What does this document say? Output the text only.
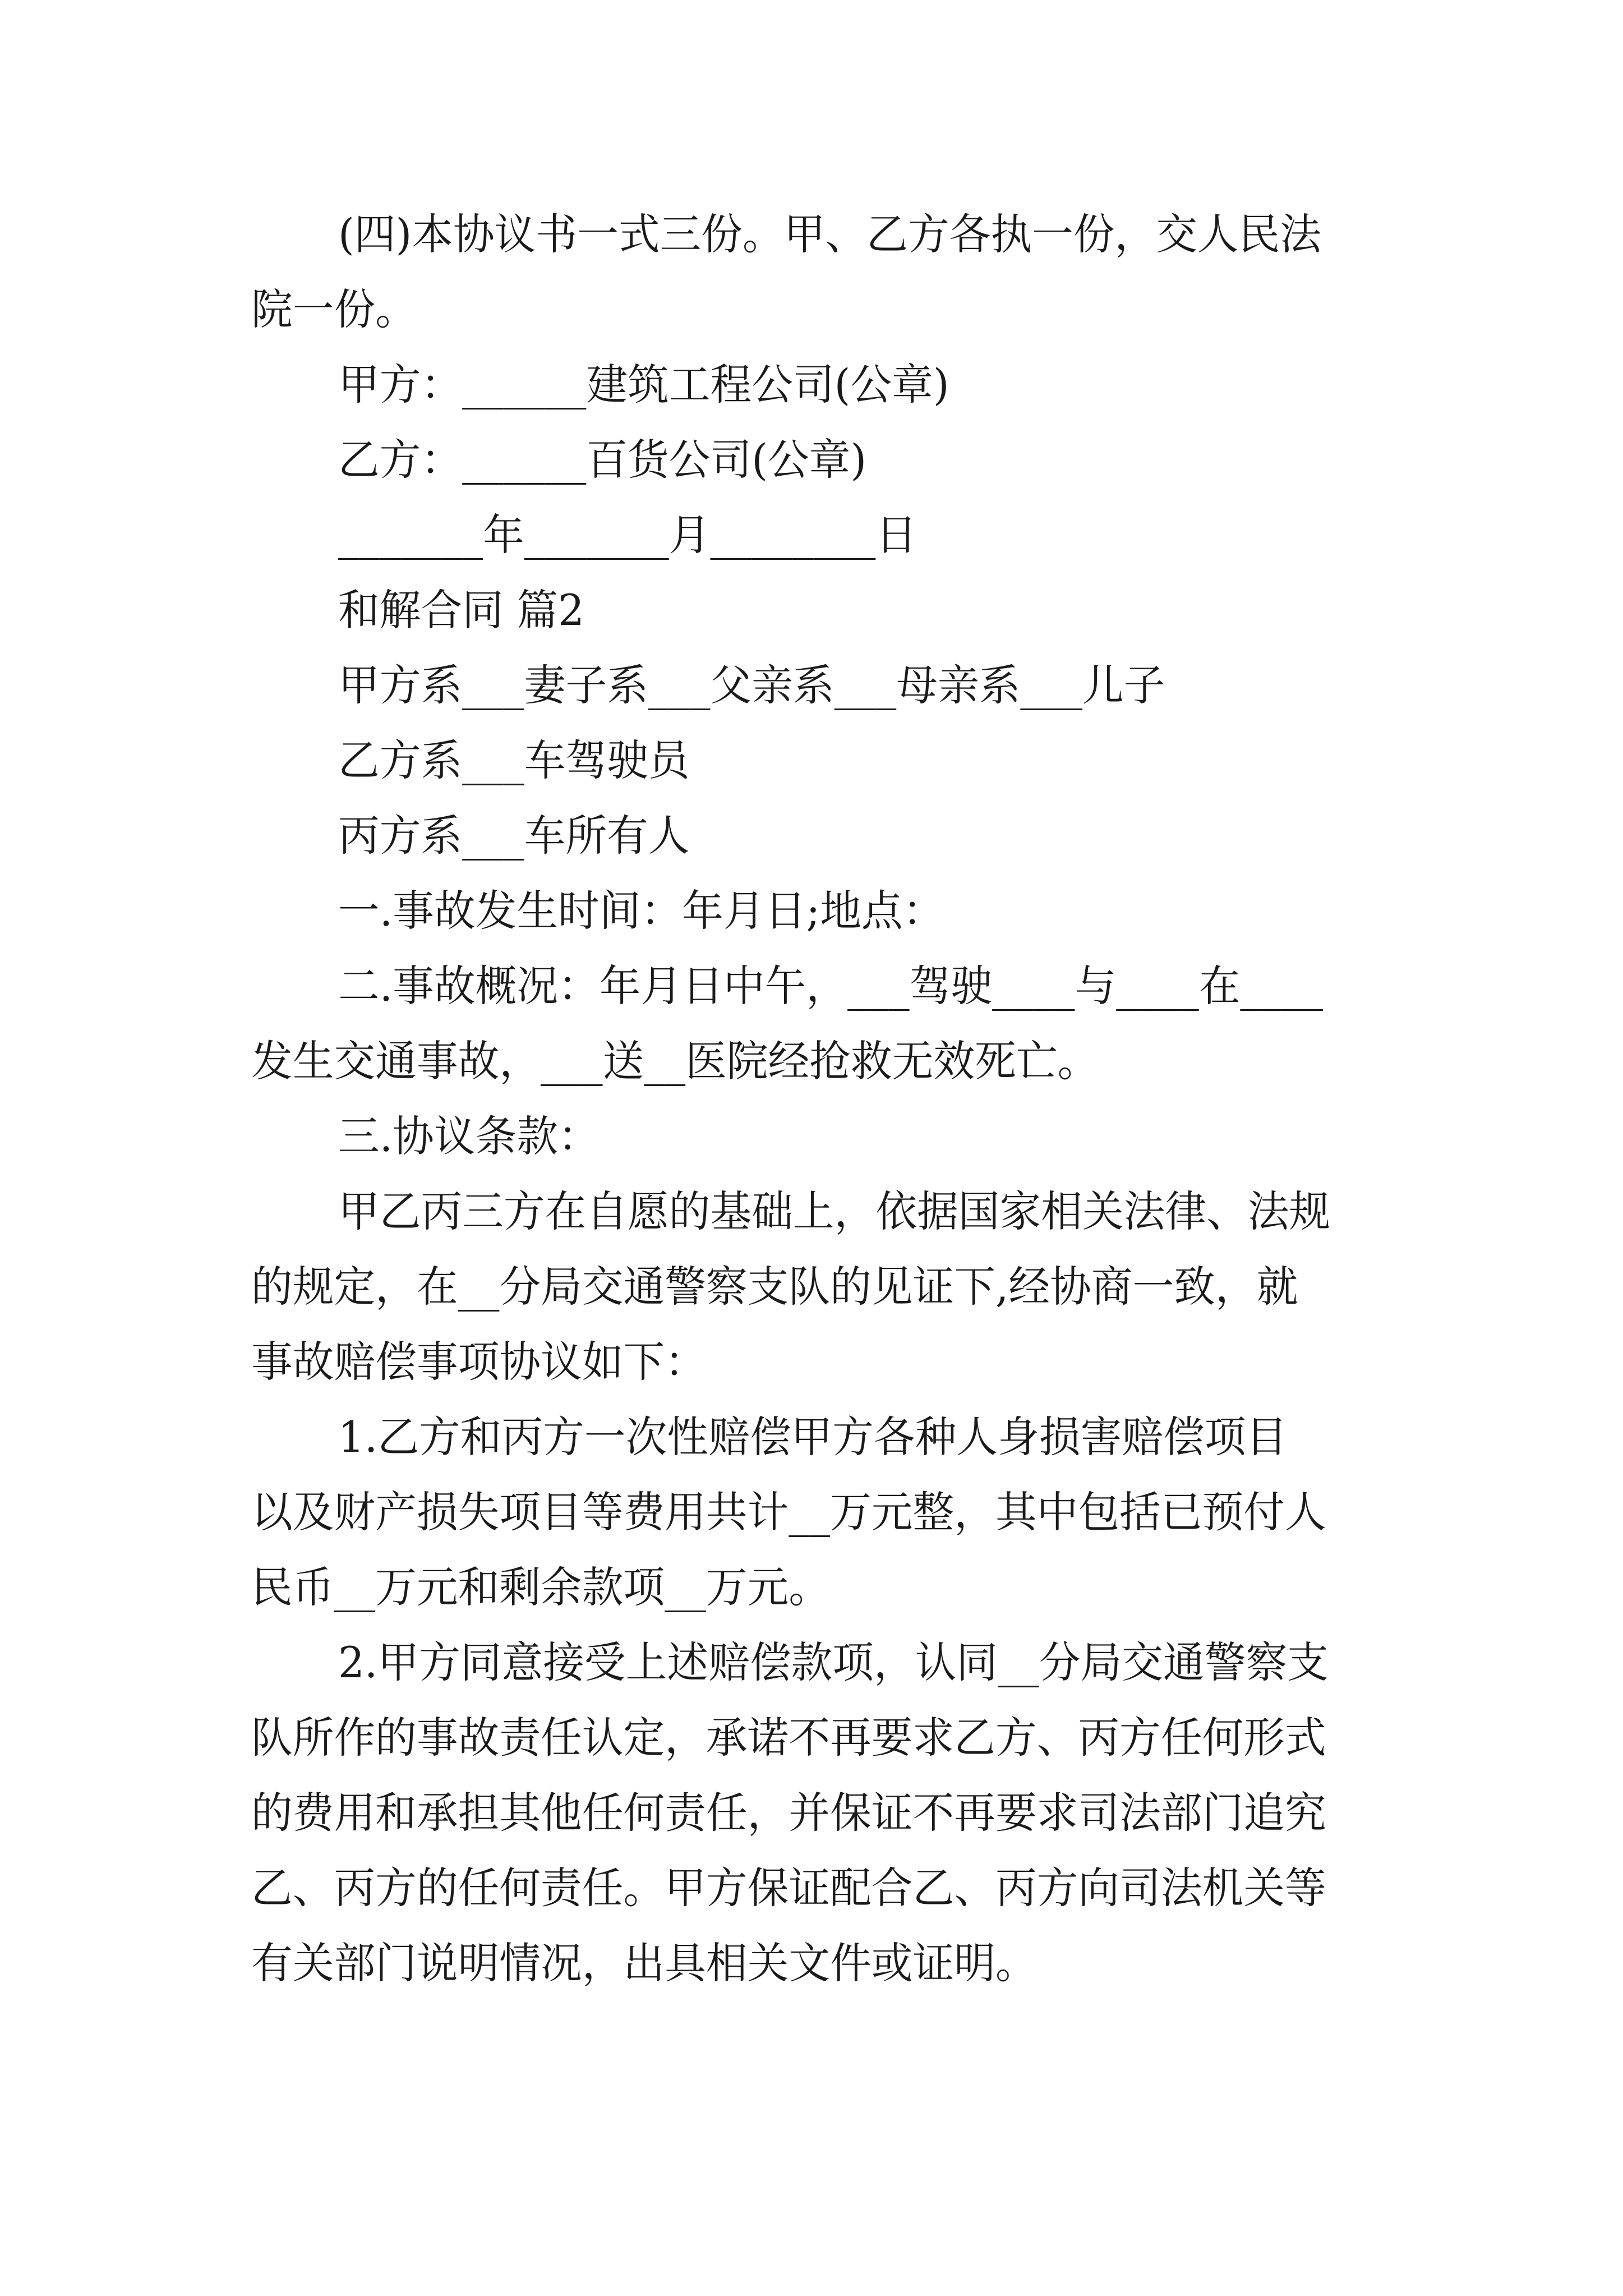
(四)本协议书一式三份。甲、乙方各执一份，交人民法
院一份。
甲方：______建筑工程公司(公章)
乙方：______百货公司(公章)
_______年_______月________日
和解合同 篇2
甲方系___妻子系___父亲系___母亲系___儿子
乙方系___车驾驶员
丙方系___车所有人
一.事故发生时间：年月日;地点：
二.事故概况：年月日中午，___驾驶____与____在____
发生交通事故，___送__医院经抢救无效死亡。
三.协议条款：
甲乙丙三方在自愿的基础上，依据国家相关法律、法规
的规定，在__分局交通警察支队的见证下,经协商一致，就
事故赔偿事项协议如下：
1.乙方和丙方一次性赔偿甲方各种人身损害赔偿项目
以及财产损失项目等费用共计__万元整，其中包括已预付人
民币__万元和剩余款项__万元。
2.甲方同意接受上述赔偿款项，认同__分局交通警察支
队所作的事故责任认定，承诺不再要求乙方、丙方任何形式
的费用和承担其他任何责任，并保证不再要求司法部门追究
乙、丙方的任何责任。甲方保证配合乙、丙方向司法机关等
有关部门说明情况，出具相关文件或证明。
